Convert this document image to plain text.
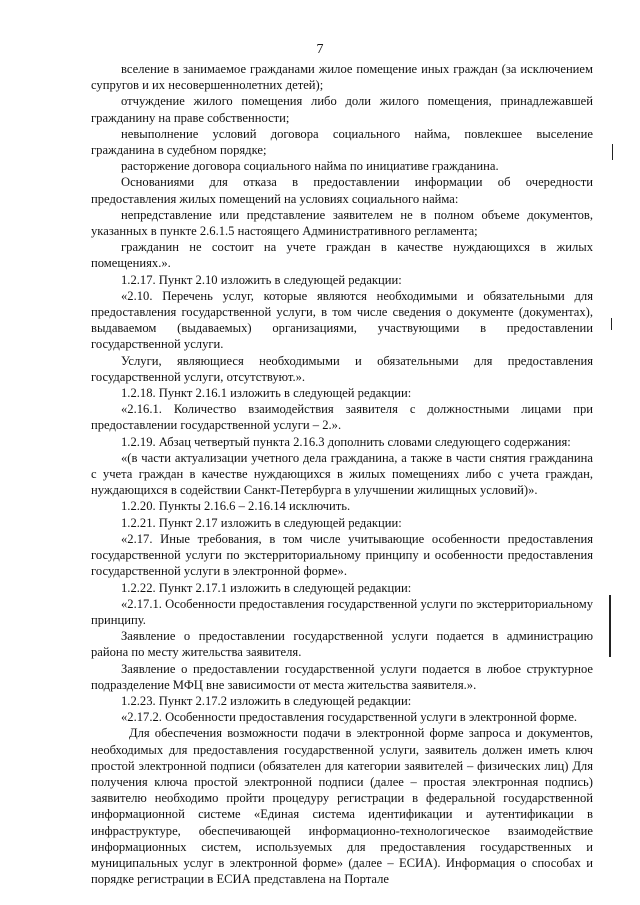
7

вселение в занимаемое гражданами жилое помещение иных граждан (за исключением супругов и их несовершеннолетних детей);

отчуждение жилого помещения либо доли жилого помещения, принадлежавшей гражданину на праве собственности;

невыполнение условий договора социального найма, повлекшее выселение гражданина в судебном порядке;

расторжение договора социального найма по инициативе гражданина.

Основаниями для отказа в предоставлении информации об очередности предоставления жилых помещений на условиях социального найма:

непредставление или представление заявителем не в полном объеме документов, указанных в пункте 2.6.1.5 настоящего Административного регламента;

гражданин не состоит на учете граждан в качестве нуждающихся в жилых помещениях.».

1.2.17. Пункт 2.10 изложить в следующей редакции:

«2.10. Перечень услуг, которые являются необходимыми и обязательными для предоставления государственной услуги, в том числе сведения о документе (документах), выдаваемом (выдаваемых) организациями, участвующими в предоставлении государственной услуги.

Услуги, являющиеся необходимыми и обязательными для предоставления государственной услуги, отсутствуют.».

1.2.18. Пункт 2.16.1 изложить в следующей редакции:

«2.16.1. Количество взаимодействия заявителя с должностными лицами при предоставлении государственной услуги – 2.».

1.2.19. Абзац четвертый пункта 2.16.3 дополнить словами следующего содержания:

«(в части актуализации учетного дела гражданина, а также в части снятия гражданина с учета граждан в качестве нуждающихся в жилых помещениях либо с учета граждан, нуждающихся в содействии Санкт-Петербурга в улучшении жилищных условий)».

1.2.20. Пункты 2.16.6 – 2.16.14 исключить.

1.2.21. Пункт 2.17 изложить в следующей редакции:

«2.17. Иные требования, в том числе учитывающие особенности предоставления государственной услуги по экстерриториальному принципу и особенности предоставления государственной услуги в электронной форме».

1.2.22. Пункт 2.17.1 изложить в следующей редакции:

«2.17.1. Особенности предоставления государственной услуги по экстерриториальному принципу.

Заявление о предоставлении государственной услуги подается в администрацию района по месту жительства заявителя.

Заявление о предоставлении государственной услуги подается в любое структурное подразделение МФЦ вне зависимости от места жительства заявителя.».

1.2.23. Пункт 2.17.2 изложить в следующей редакции:

«2.17.2. Особенности предоставления государственной услуги в электронной форме.

Для обеспечения возможности подачи в электронной форме запроса и документов, необходимых для предоставления государственной услуги, заявитель должен иметь ключ простой электронной подписи (обязателен для категории заявителей – физических лиц) Для получения ключа простой электронной подписи (далее – простая электронная подпись) заявителю необходимо пройти процедуру регистрации в федеральной государственной информационной системе «Единая система идентификации и аутентификации в инфраструктуре, обеспечивающей информационно-технологическое взаимодействие информационных систем, используемых для предоставления государственных и муниципальных услуг в электронной форме» (далее – ЕСИА). Информация о способах и порядке регистрации в ЕСИА представлена на Портале
